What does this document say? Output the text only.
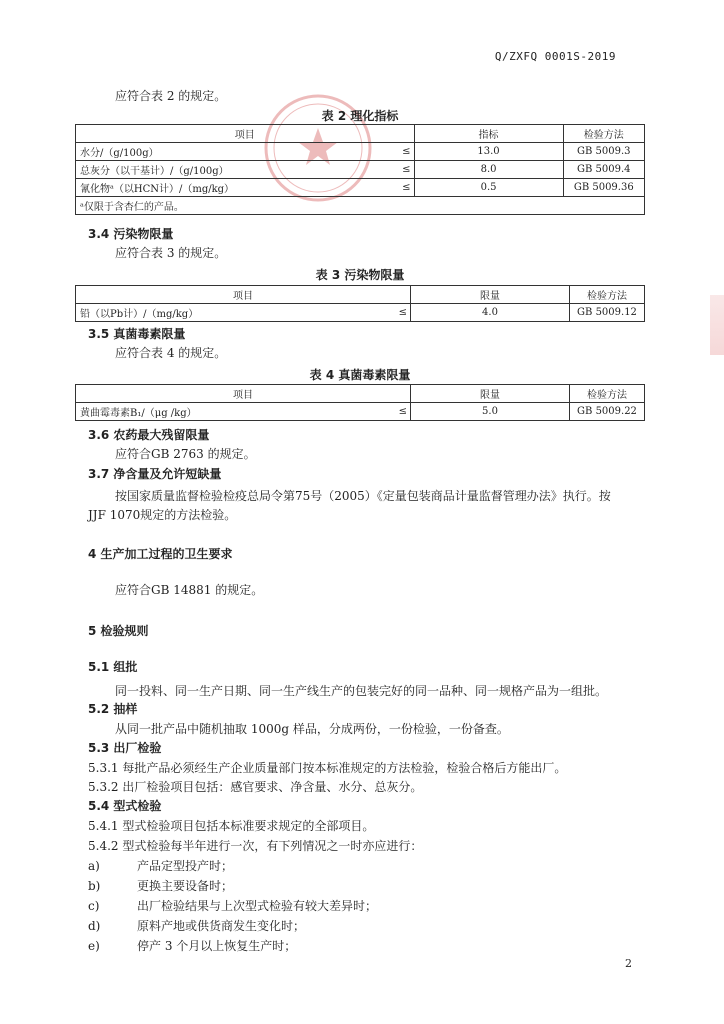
Q/ZXFQ 0001S-2019
应符合表 2 的规定。
表 2 理化指标
项目		指标	检验方法
水分/（g/100g）	≤	13.0	GB 5009.3
总灰分（以干基计）/（g/100g）	≤	8.0	GB 5009.4
氰化物ᵃ（以HCN计）/（mg/kg）	≤	0.5	GB 5009.36
ᵃ仅限于含杏仁的产品。			
3.4 污染物限量
应符合表 3 的规定。
表 3 污染物限量
项目		限量	检验方法
铅（以Pb计）/（mg/kg）	≤	4.0	GB 5009.12
3.5 真菌毒素限量
应符合表 4 的规定。
表 4 真菌毒素限量
项目		限量	检验方法
黄曲霉毒素B₁/（μg /kg）	≤	5.0	GB 5009.22
3.6 农药最大残留限量
应符合GB 2763 的规定。
3.7 净含量及允许短缺量
按国家质量监督检验检疫总局令第75号（2005）《定量包装商品计量监督管理办法》执行。按
JJF 1070规定的方法检验。
4 生产加工过程的卫生要求
应符合GB 14881 的规定。
5 检验规则
5.1 组批
同一投料、同一生产日期、同一生产线生产的包装完好的同一品种、同一规格产品为一组批。
5.2 抽样
从同一批产品中随机抽取 1000g 样品，分成两份，一份检验，一份备查。
5.3 出厂检验
5.3.1 每批产品必须经生产企业质量部门按本标准规定的方法检验，检验合格后方能出厂。
5.3.2 出厂检验项目包括：感官要求、净含量、水分、总灰分。
5.4 型式检验
5.4.1 型式检验项目包括本标准要求规定的全部项目。
5.4.2 型式检验每半年进行一次，有下列情况之一时亦应进行：
a)	产品定型投产时；
b)	更换主要设备时；
c)	出厂检验结果与上次型式检验有较大差异时；
d)	原料产地或供货商发生变化时；
e)	停产 3 个月以上恢复生产时；
2
